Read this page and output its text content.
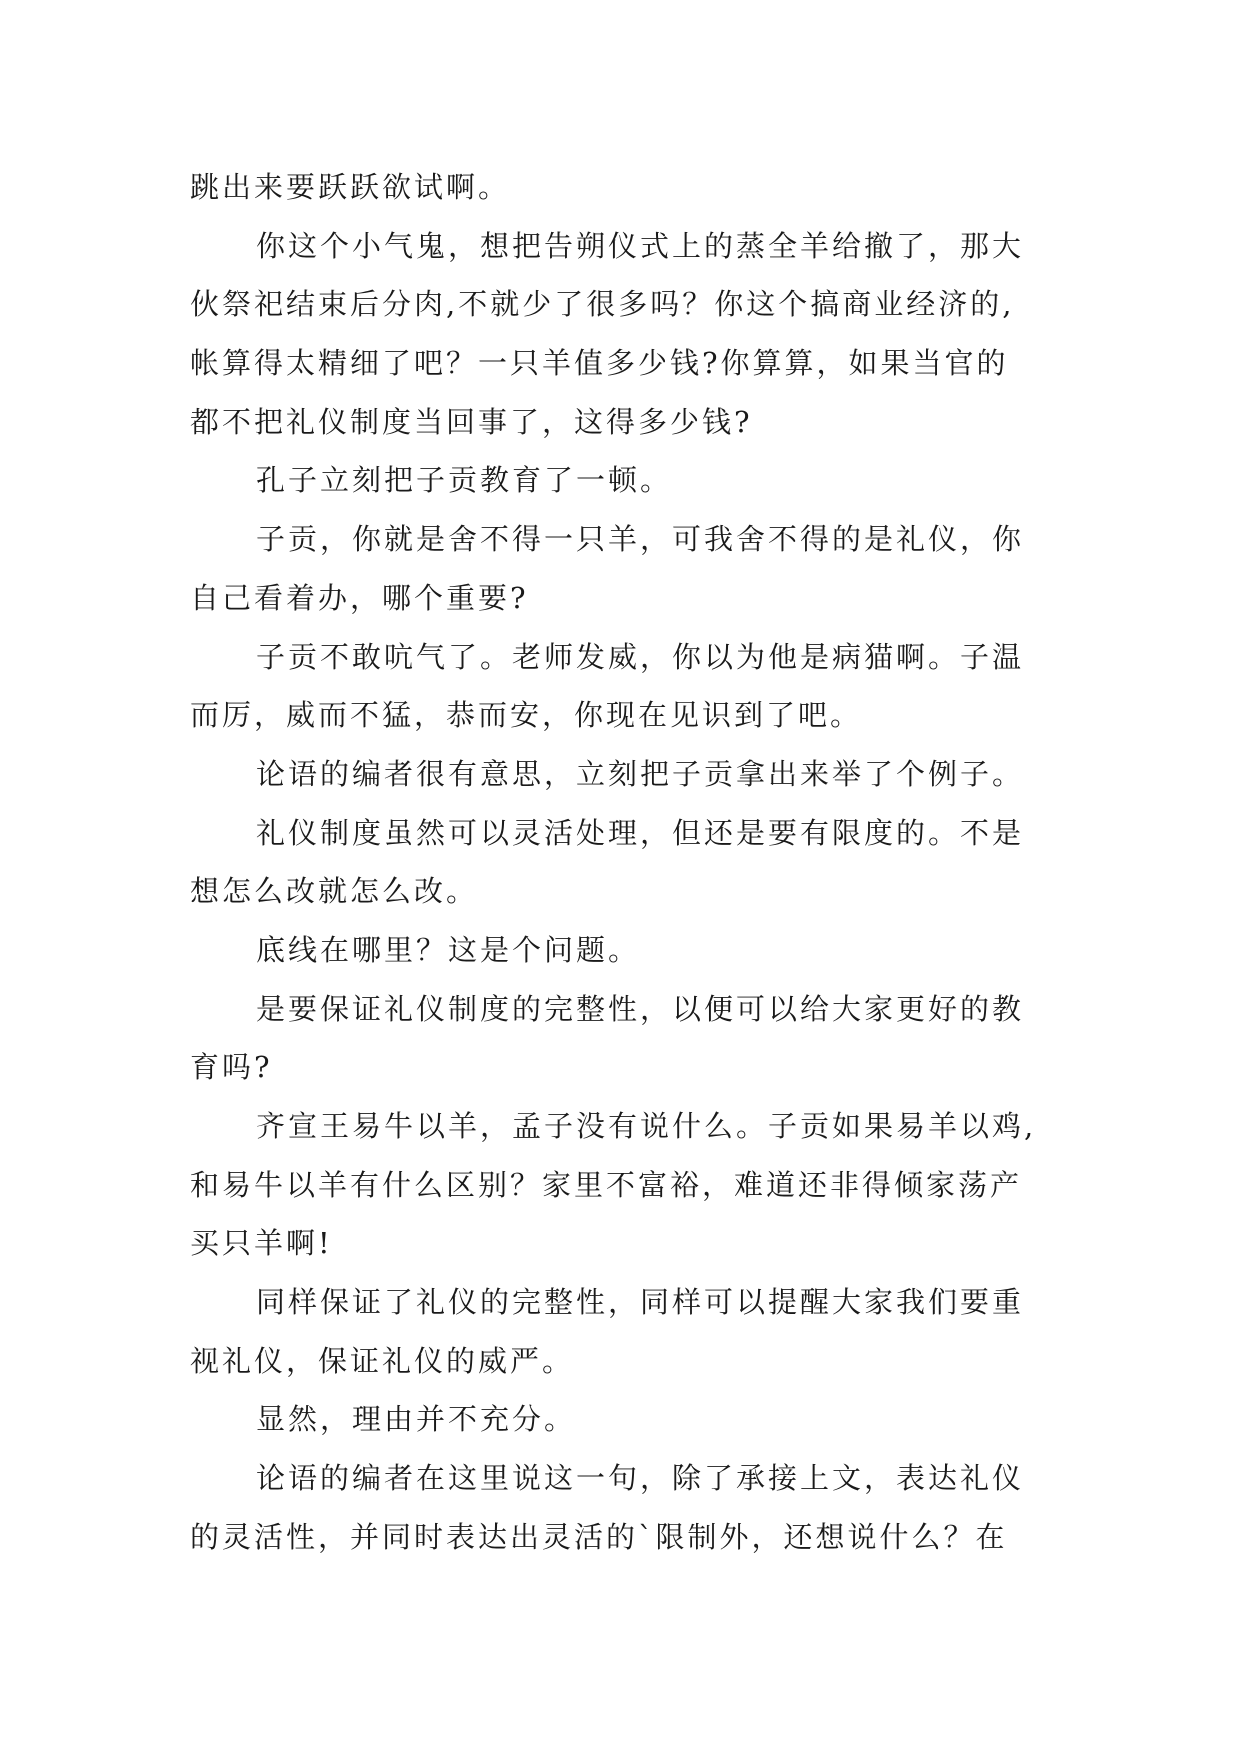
跳出来要跃跃欲试啊。
你这个小气鬼，想把告朔仪式上的蒸全羊给撤了，那大
伙祭祀结束后分肉,不就少了很多吗？你这个搞商业经济的,
帐算得太精细了吧？一只羊值多少钱?你算算，如果当官的
都不把礼仪制度当回事了，这得多少钱?
孔子立刻把子贡教育了一顿。
子贡，你就是舍不得一只羊，可我舍不得的是礼仪，你
自己看着办，哪个重要?
子贡不敢吭气了。老师发威，你以为他是病猫啊。子温
而厉，威而不猛，恭而安，你现在见识到了吧。
论语的编者很有意思，立刻把子贡拿出来举了个例子。
礼仪制度虽然可以灵活处理，但还是要有限度的。不是
想怎么改就怎么改。
底线在哪里？这是个问题。
是要保证礼仪制度的完整性，以便可以给大家更好的教
育吗?
齐宣王易牛以羊，孟子没有说什么。子贡如果易羊以鸡,
和易牛以羊有什么区别？家里不富裕，难道还非得倾家荡产
买只羊啊!
同样保证了礼仪的完整性，同样可以提醒大家我们要重
视礼仪，保证礼仪的威严。
显然，理由并不充分。
论语的编者在这里说这一句，除了承接上文，表达礼仪
的灵活性，并同时表达出灵活的`限制外，还想说什么？在
